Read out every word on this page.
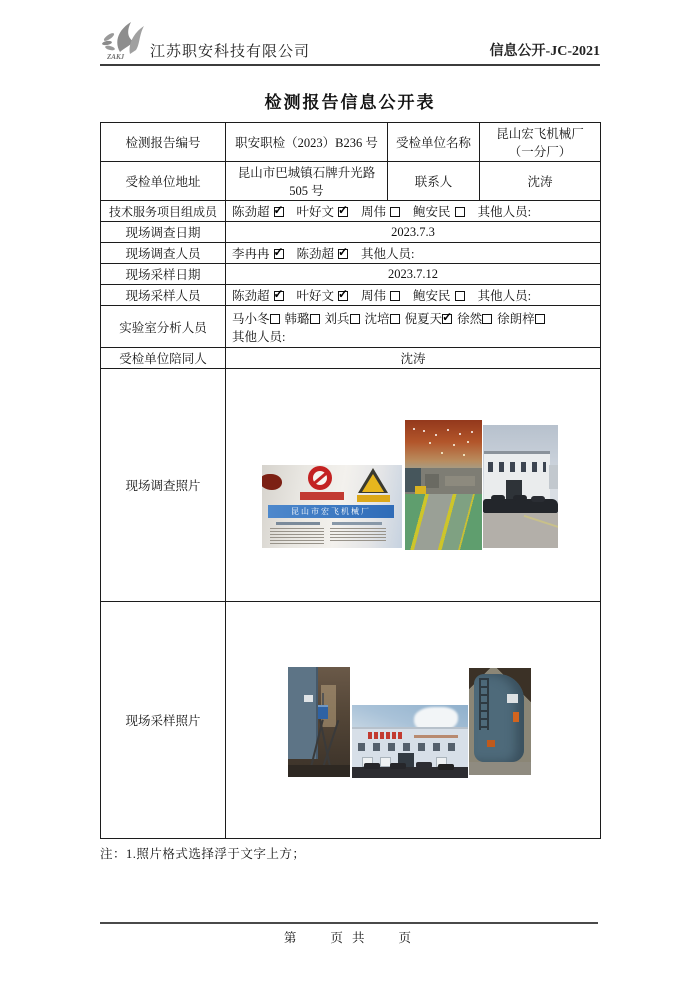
ZAKJ 江苏职安科技有限公司	信息公开-JC-2021
检测报告信息公开表
检测报告编号	职安职检（2023）B236 号	受检单位名称	昆山宏飞机械厂（一分厂）
受检单位地址	昆山市巴城镇石牌升光路505 号	联系人	沈涛
技术服务项目组成员	陈劲超 ✓ 叶好文 ✓ 周伟 鲍安民 其他人员:
现场调查日期	2023.7.3		
现场调查人员	李冉冉 ✓ 陈劲超 ✓ 其他人员:
现场采样日期	2023.7.12		
现场采样人员	陈劲超 ✓ 叶好文 ✓ 周伟 鲍安民 其他人员:
实验室分析人员	马小冬 韩璐 刘兵 沈培 倪夏天 ✓ 徐然 徐朗梓
其他人员:

受检单位陪同人	沈涛		
现场调查照片	昆山市宏飞机械厂		

现场采样照片			
注：1.照片格式选择浮于文字上方；
第　　页 共　　页
